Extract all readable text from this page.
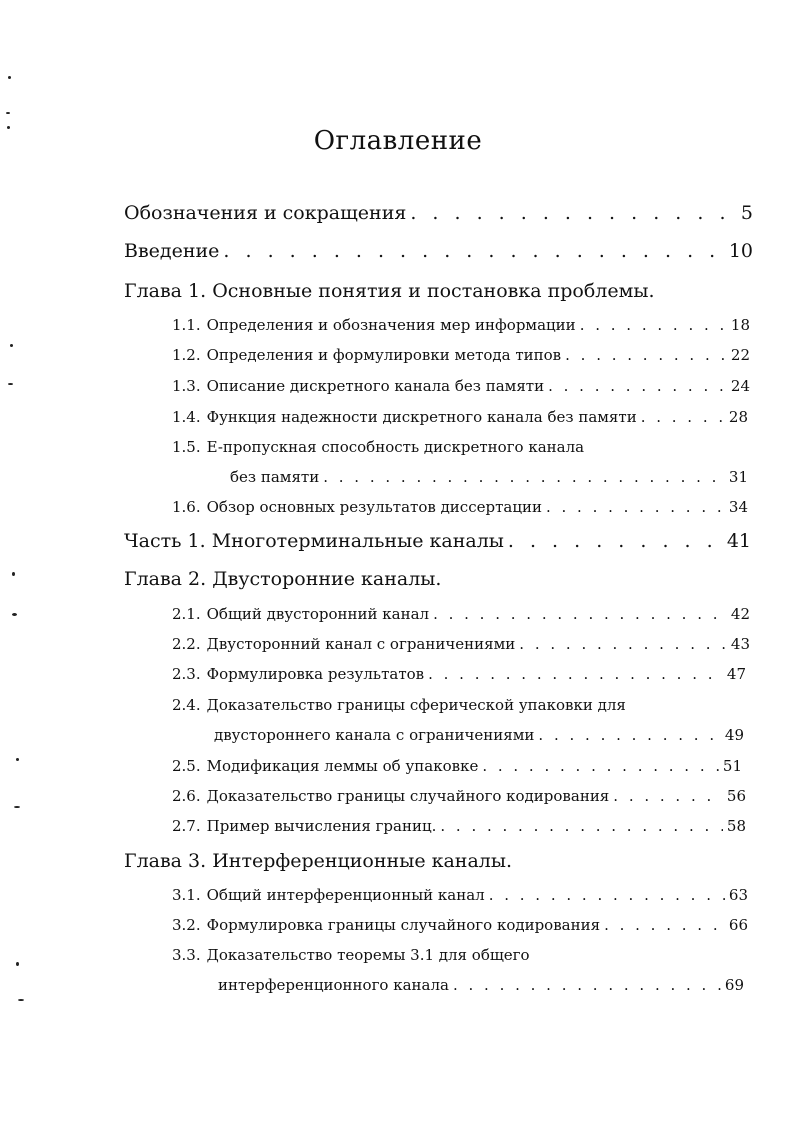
Оглавление
Обозначения и сокращения . . .	5
Введение . . .	10
Глава 1. Основные понятия и постановка проблемы.
1.1. Определения и обозначения мер информации . . .	18
1.2. Определения и формулировки метода типов . . .	22
1.3. Описание дискретного канала без памяти . . .	24
1.4. Функция надежности дискретного канала без памяти . . .	28
1.5. E-пропускная способность дискретного канала
без памяти . . .	31
1.6. Обзор основных результатов диссертации . . .	34
Часть 1. Многотерминальные каналы . . .	41
Глава 2. Двусторонние каналы.
2.1. Общий двусторонний канал . . .	42
2.2. Двусторонний канал с ограничениями . . .	43
2.3. Формулировка результатов . . .	47
2.4. Доказательство границы сферической упаковки для
двустороннего канала с ограничениями . . .	49
2.5. Модификация леммы об упаковке . . .	51
2.6. Доказательство границы случайного кодирования . . .	56
2.7. Пример вычисления границ. . . .	58
Глава 3. Интерференционные каналы.
3.1. Общий интерференционный канал . . .	63
3.2. Формулировка границы случайного кодирования . . .	66
3.3. Доказательство теоремы 3.1 для общего
интерференционного канала . . .	69
